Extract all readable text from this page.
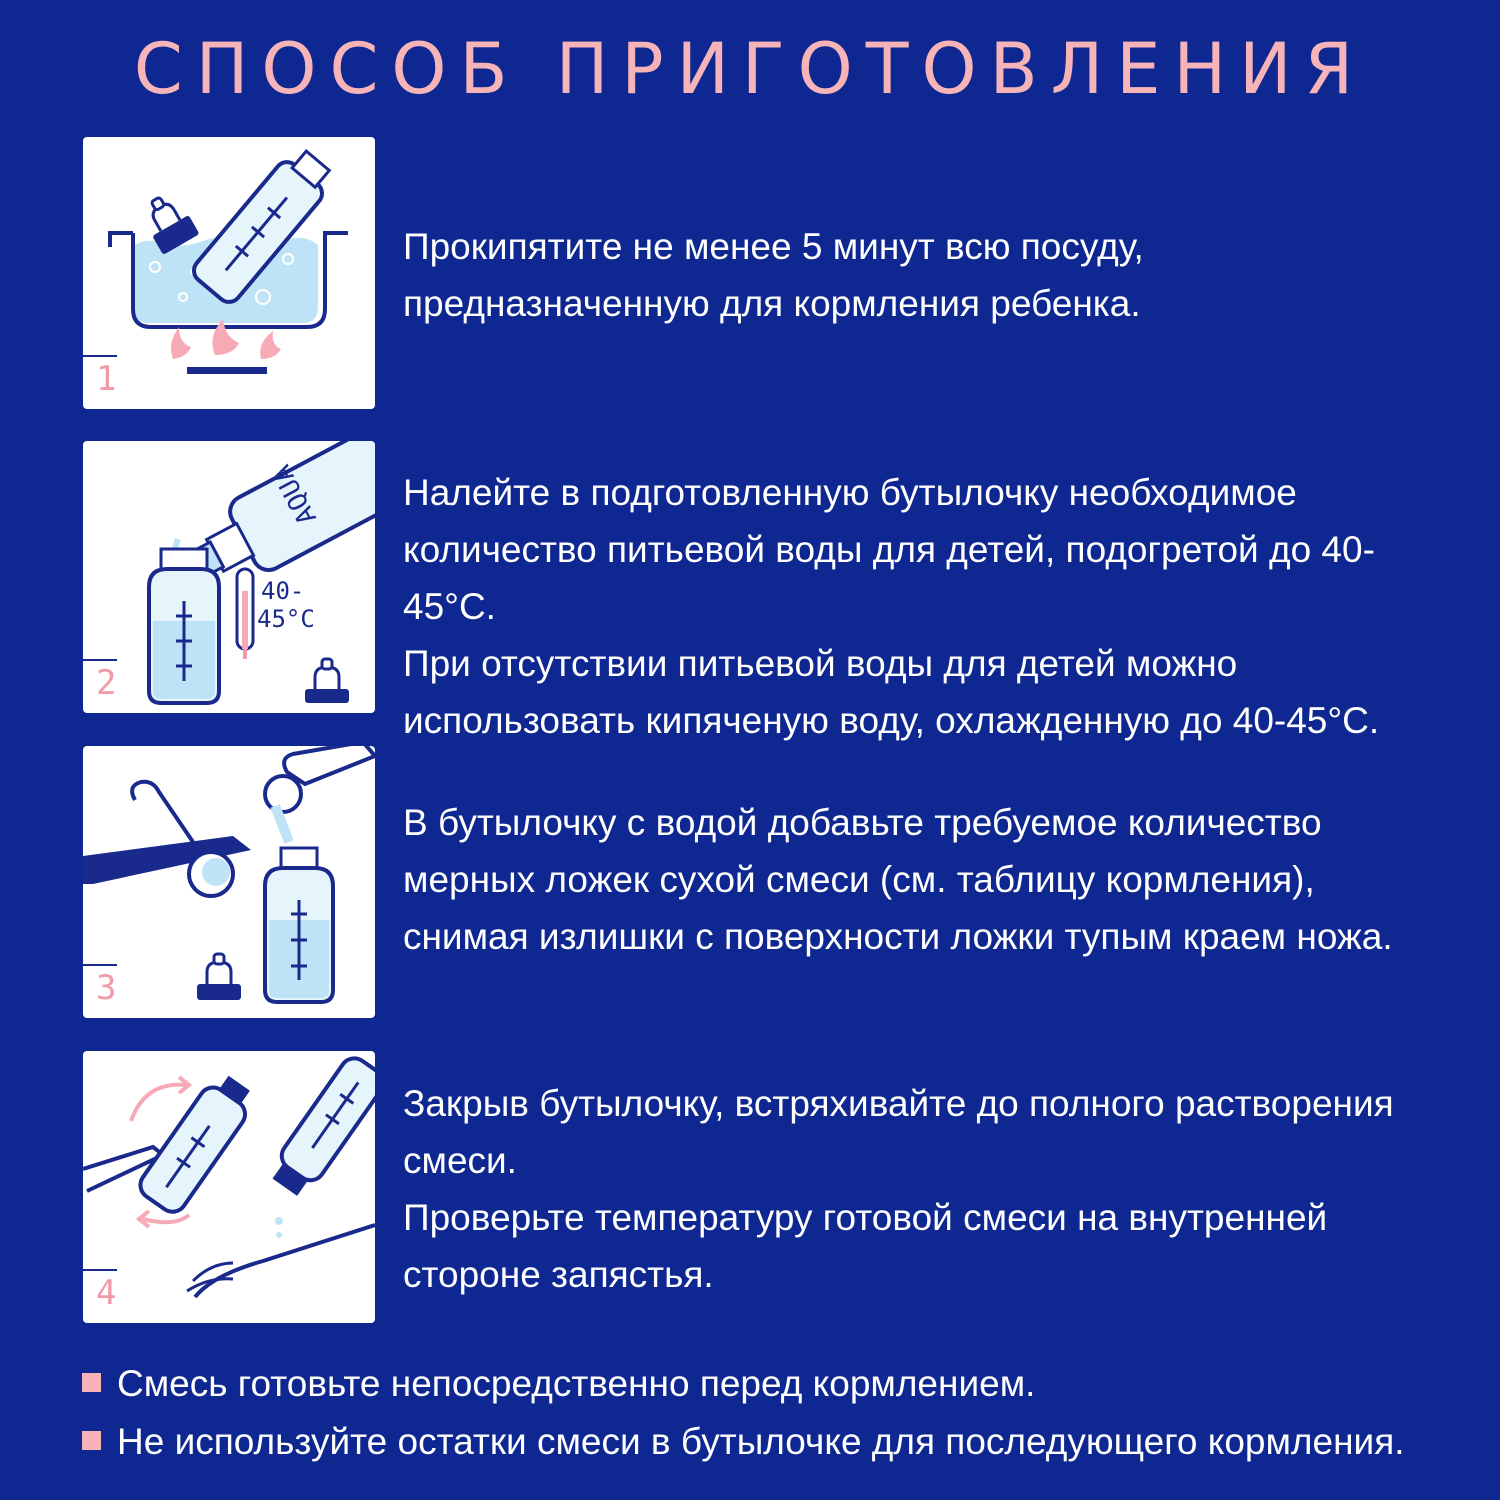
СПОСОБ ПРИГОТОВЛЕНИЯ
1

Прокипятите не менее 5 минут всю посуду,

предназначенную для кормления ребенка.

AQUA
40-
45°C
2

Налейте в подготовленную бутылочку необходимое

количество питьевой воды для детей, подогретой до 40-45°С.

При отсутствии питьевой воды для детей можно

использовать кипяченую воду, охлажденную до 40-45°С.

3

В бутылочку с водой добавьте требуемое количество

мерных ложек сухой смеси (см. таблицу кормления),

снимая излишки с поверхности ложки тупым краем ножа.

4

Закрыв бутылочку, встряхивайте до полного растворения

смеси.

Проверьте температуру готовой смеси на внутренней

стороне запястья.

Смесь готовьте непосредственно перед кормлением.
Не используйте остатки смеси в бутылочке для последующего кормления.
